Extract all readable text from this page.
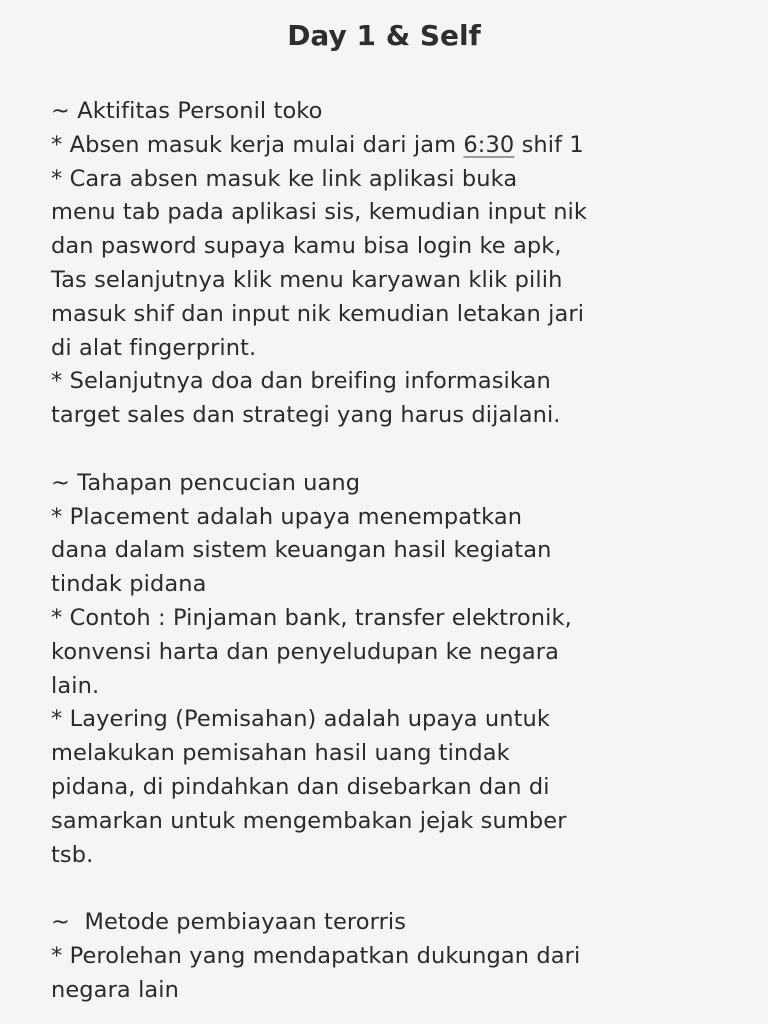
Day 1 & Self
~ Aktifitas Personil toko
* Absen masuk kerja mulai dari jam 6:30 shif 1
* Cara absen masuk ke link aplikasi buka
menu tab pada aplikasi sis, kemudian input nik
dan pasword supaya kamu bisa login ke apk,
Tas selanjutnya klik menu karyawan klik pilih
masuk shif dan input nik kemudian letakan jari
di alat fingerprint.
* Selanjutnya doa dan breifing informasikan
target sales dan strategi yang harus dijalani.
~ Tahapan pencucian uang
* Placement adalah upaya menempatkan
dana dalam sistem keuangan hasil kegiatan
tindak pidana
* Contoh : Pinjaman bank, transfer elektronik,
konvensi harta dan penyeludupan ke negara
lain.
* Layering (Pemisahan) adalah upaya untuk
melakukan pemisahan hasil uang tindak
pidana, di pindahkan dan disebarkan dan di
samarkan untuk mengembakan jejak sumber
tsb.
~  Metode pembiayaan terorris
* Perolehan yang mendapatkan dukungan dari
negara lain
